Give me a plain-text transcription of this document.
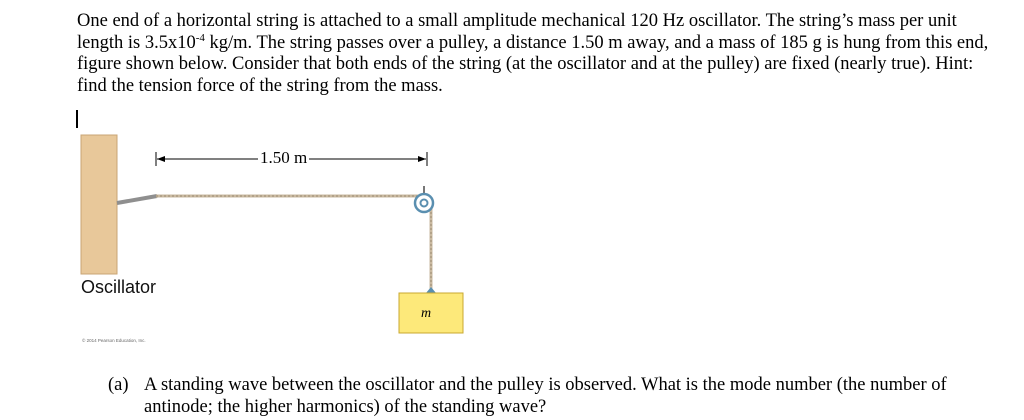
One end of a horizontal string is attached to a small amplitude mechanical 120 Hz oscillator. The string’s mass per unit length is $3.5x10^{-4}$ kg/m. The string passes over a pulley, a distance 1.50 m away, and a mass of 185 g is hung from this end, figure shown below. Consider that both ends of the string (at the oscillator and at the pulley) are fixed (nearly true). Hint: find the tension force of the string from the mass.

1.50 m
Oscillator
m
© 2014 Pearson Education, Inc.
(a) A standing wave between the oscillator and the pulley is observed. What is the mode number (the number of antinode; the higher harmonics) of the standing wave?
